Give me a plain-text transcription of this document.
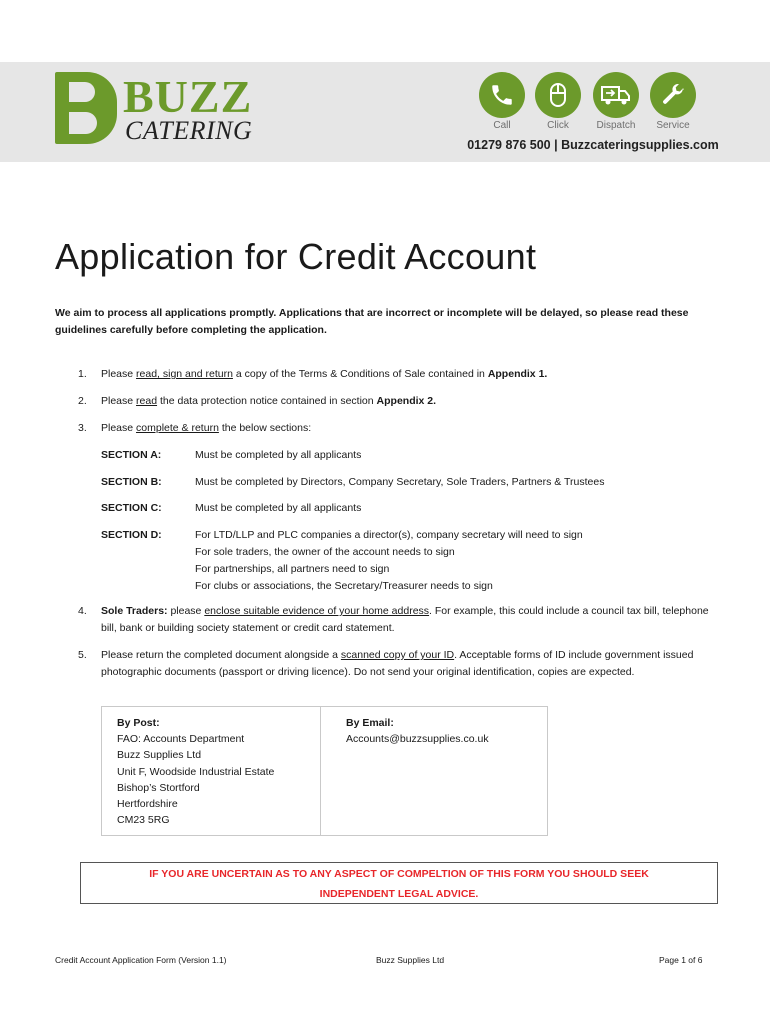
BUZZ
CATERING	Call	Click	Dispatch	Service
01279 876 500 | Buzzcateringsupplies.com
Application for Credit Account

We aim to process all applications promptly. Applications that are incorrect or incomplete will be delayed, so please read these guidelines carefully before completing the application.

1. Please read, sign and return a copy of the Terms & Conditions of Sale contained in Appendix 1.
2. Please read the data protection notice contained in section Appendix 2.
3. Please complete & return the below sections:
SECTION A:	Must be completed by all applicants
SECTION B:	Must be completed by Directors, Company Secretary, Sole Traders, Partners & Trustees
SECTION C:	Must be completed by all applicants
SECTION D:	For LTD/LLP and PLC companies a director(s), company secretary will need to sign
For sole traders, the owner of the account needs to sign
For partnerships, all partners need to sign
For clubs or associations, the Secretary/Treasurer needs to sign
4. Sole Traders: please enclose suitable evidence of your home address. For example, this could include a council tax bill, telephone bill, bank or building society statement or credit card statement.
5. Please return the completed document alongside a scanned copy of your ID. Acceptable forms of ID include government issued photographic documents (passport or driving licence). Do not send your original identification, copies are expected.
By Post:
FAO: Accounts Department
Buzz Supplies Ltd
Unit F, Woodside Industrial Estate
Bishop’s Stortford
Hertfordshire
CM23 5RG
By Email:
Accounts@buzzsupplies.co.uk
IF YOU ARE UNCERTAIN AS TO ANY ASPECT OF COMPELTION OF THIS FORM YOU SHOULD SEEK
INDEPENDENT LEGAL ADVICE.
Credit Account Application Form (Version 1.1)	Buzz Supplies Ltd	Page 1 of 6
